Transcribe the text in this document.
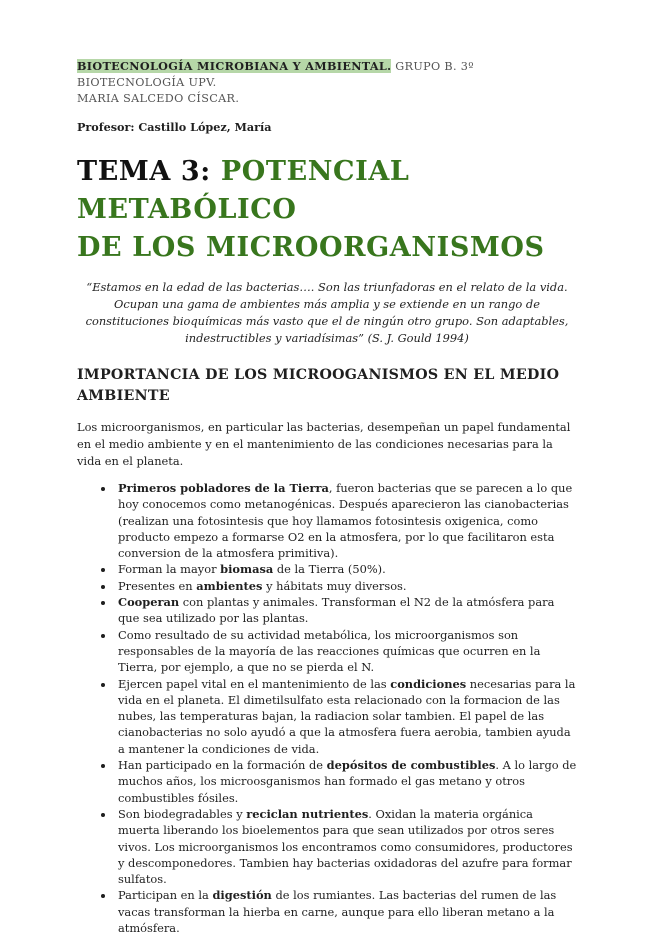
BIOTECNOLOGÍA MICROBIANA Y AMBIENTAL. GRUPO B. 3º BIOTECNOLOGÍA UPV.
MARIA SALCEDO CÍSCAR.

Profesor: Castillo López, María

TEMA 3: POTENCIAL METABÓLICO
DE LOS MICROORGANISMOS

“Estamos en la edad de las bacterias…. Son las triunfadoras en el relato de la vida. Ocupan una gama de ambientes más amplia y se extiende en un rango de constituciones bioquímicas más vasto que el de ningún otro grupo. Son adaptables, indestructibles y variadísimas” (S. J. Gould 1994)

IMPORTANCIA DE LOS MICROOGANISMOS EN EL MEDIO AMBIENTE

Los microorganismos, en particular las bacterias, desempeñan un papel fundamental en el medio ambiente y en el mantenimiento de las condiciones necesarias para la vida en el planeta.

• Primeros pobladores de la Tierra, fueron bacterias que se parecen a lo que hoy conocemos como metanogénicas. Después aparecieron las cianobacterias (realizan una fotosintesis que hoy llamamos fotosintesis oxigenica, como producto empezo a formarse O2 en la atmosfera, por lo que facilitaron esta conversion de la atmosfera primitiva).
• Forman la mayor biomasa de la Tierra (50%).
• Presentes en ambientes y hábitats muy diversos.
• Cooperan con plantas y animales. Transforman el N2 de la atmósfera para que sea utilizado por las plantas.
• Como resultado de su actividad metabólica, los microorganismos son responsables de la mayoría de las reacciones químicas que ocurren en la Tierra, por ejemplo, a que no se pierda el N.
• Ejercen papel vital en el mantenimiento de las condiciones necesarias para la vida en el planeta. El dimetilsulfato esta relacionado con la formacion de las nubes, las temperaturas bajan, la radiacion solar tambien. El papel de las cianobacterias no solo ayudó a que la atmosfera fuera aerobia, tambien ayuda a mantener la condiciones de vida.
• Han participado en la formación de depósitos de combustibles. A lo largo de muchos años, los microosganismos han formado el gas metano y otros combustibles fósiles.
• Son biodegradables y reciclan nutrientes. Oxidan la materia orgánica muerta liberando los bioelementos para que sean utilizados por otros seres vivos. Los microorganismos los encontramos como consumidores, productores y descomponedores. Tambien hay bacterias oxidadoras del azufre para formar sulfatos.
• Participan en la digestión de los rumiantes. Las bacterias del rumen de las vacas transforman la hierba en carne, aunque para ello liberan metano a la atmósfera.
